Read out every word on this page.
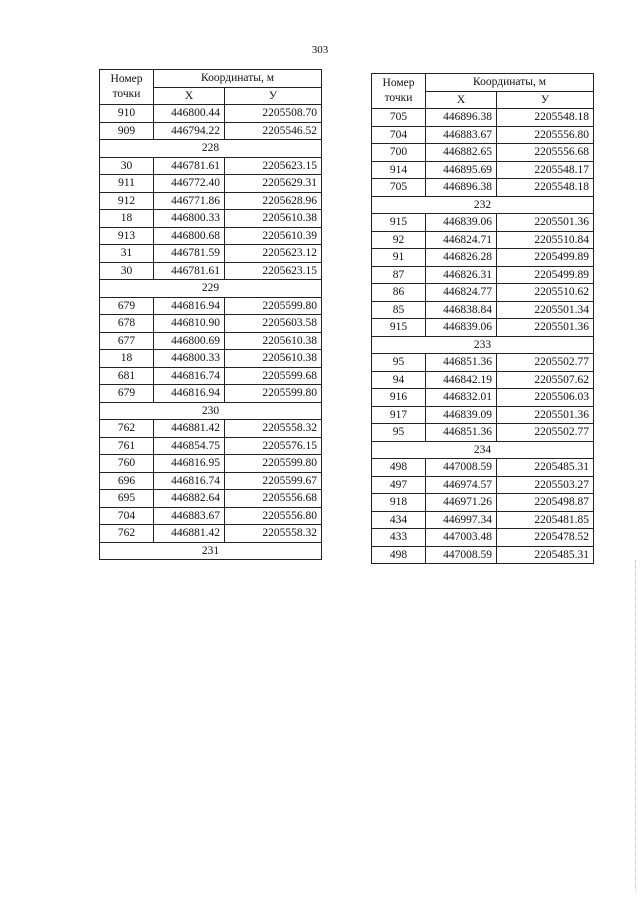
303
Номер
точки	Координаты, м	
	X	У
910	446800.44	2205508.70
909	446794.22	2205546.52
228		
30	446781.61	2205623.15
911	446772.40	2205629.31
912	446771.86	2205628.96
18	446800.33	2205610.38
913	446800.68	2205610.39
31	446781.59	2205623.12
30	446781.61	2205623.15
229		
679	446816.94	2205599.80
678	446810.90	2205603.58
677	446800.69	2205610.38
18	446800.33	2205610.38
681	446816.74	2205599.68
679	446816.94	2205599.80
230		
762	446881.42	2205558.32
761	446854.75	2205576.15
760	446816.95	2205599.80
696	446816.74	2205599.67
695	446882.64	2205556.68
704	446883.67	2205556.80
762	446881.42	2205558.32
231		
Номер
точки	Координаты, м	
	X	У
705	446896.38	2205548.18
704	446883.67	2205556.80
700	446882.65	2205556.68
914	446895.69	2205548.17
705	446896.38	2205548.18
232		
915	446839.06	2205501.36
92	446824.71	2205510.84
91	446826.28	2205499.89
87	446826.31	2205499.89
86	446824.77	2205510.62
85	446838.84	2205501.34
915	446839.06	2205501.36
233		
95	446851.36	2205502.77
94	446842.19	2205507.62
916	446832.01	2205506.03
917	446839.09	2205501.36
95	446851.36	2205502.77
234		
498	447008.59	2205485.31
497	446974.57	2205503.27
918	446971.26	2205498.87
434	446997.34	2205481.85
433	447003.48	2205478.52
498	447008.59	2205485.31
